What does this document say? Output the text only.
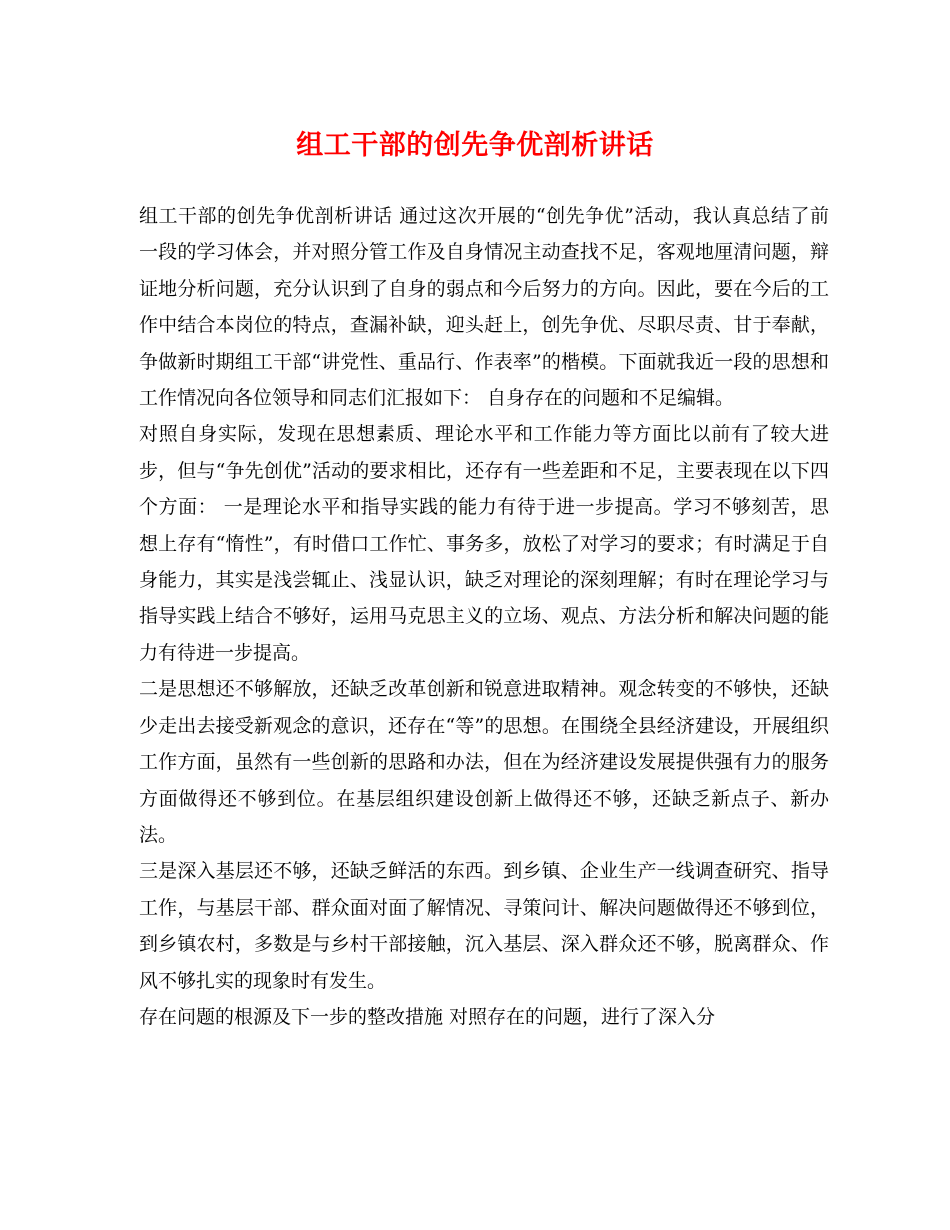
组工干部的创先争优剖析讲话

组工干部的创先争优剖析讲话 通过这次开展的“创先争优”活动，我认真总结了前一段的学习体会，并对照分管工作及自身情况主动查找不足，客观地厘清问题，辩证地分析问题，充分认识到了自身的弱点和今后努力的方向。因此，要在今后的工作中结合本岗位的特点，查漏补缺，迎头赶上，创先争优、尽职尽责、甘于奉献，争做新时期组工干部“讲党性、重品行、作表率”的楷模。下面就我近一段的思想和工作情况向各位领导和同志们汇报如下： 自身存在的问题和不足编辑。

对照自身实际，发现在思想素质、理论水平和工作能力等方面比以前有了较大进步，但与“争先创优”活动的要求相比，还存有一些差距和不足，主要表现在以下四个方面： 一是理论水平和指导实践的能力有待于进一步提高。学习不够刻苦，思想上存有“惰性”，有时借口工作忙、事务多，放松了对学习的要求；有时满足于自身能力，其实是浅尝辄止、浅显认识，缺乏对理论的深刻理解；有时在理论学习与指导实践上结合不够好，运用马克思主义的立场、观点、方法分析和解决问题的能力有待进一步提高。

二是思想还不够解放，还缺乏改革创新和锐意进取精神。观念转变的不够快，还缺少走出去接受新观念的意识，还存在“等”的思想。在围绕全县经济建设，开展组织工作方面，虽然有一些创新的思路和办法，但在为经济建设发展提供强有力的服务方面做得还不够到位。在基层组织建设创新上做得还不够，还缺乏新点子、新办法。

三是深入基层还不够，还缺乏鲜活的东西。到乡镇、企业生产一线调查研究、指导工作，与基层干部、群众面对面了解情况、寻策问计、解决问题做得还不够到位，到乡镇农村，多数是与乡村干部接触，沉入基层、深入群众还不够，脱离群众、作风不够扎实的现象时有发生。

存在问题的根源及下一步的整改措施 对照存在的问题，进行了深入分
